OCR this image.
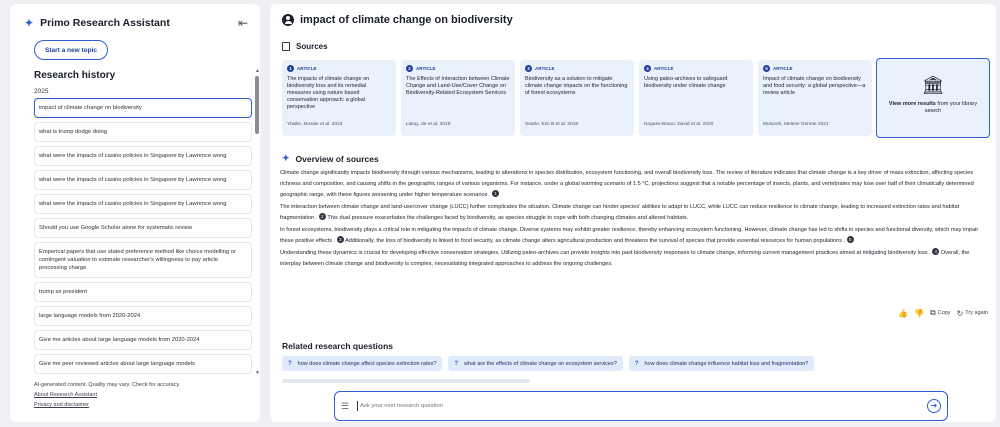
✦ Primo Research Assistant	⇤
Start a new topic
Research history
2025
impact of climate change on biodiversity
what is trump dodge doing
what were the impacts of casino policies in Singapore by Lawrence wong
what were the impacts of casino policies in Singapore by Lawrence wong
what were the impacts of casino policies in Singapore by Lawrence wong
Should you use Google Scholar alone for systematic review
Emperical papers that use stated preference method like choice modelling or contingent valuation to estimate researcher's willingness to pay article processing charge
trump as president
large language models from 2020-2024
Give me articles about large language models from 2020-2024
Give me peer reviewed articles about large language models
▲
▼
AI-generated content. Quality may vary. Check for accuracy.
About Research Assistant
Privacy and disclaimer
impact of climate change on biodiversity
Sources
1	ARTICLE
The impacts of climate change on biodiversity loss and its remedial measures using nature based conservation approach: a global perspective
Ybabe, Mussie et al. 2023
2	ARTICLE
The Effects of Interaction between Climate Change and Land-Use/Cover Change on Biodiversity-Related Ecosystem Services
Liang, Jie et al. 2019
3	ARTICLE
Biodiversity as a solution to mitigate climate change impacts on the functioning of forest ecosystems
Searle, Eric B et al. 2018
4	ARTICLE
Using paleo-archives to safeguard biodiversity under climate change
Nogues-Bravo, David et al. 2020
5	ARTICLE
Impact of climate change on biodiversity and food security: a global perspective—a review article
Muluneh, Melese Genete 2021
🏛
View more results from your library search
✦ Overview of sources

Climate change significantly impacts biodiversity through various mechanisms, leading to alterations in species distribution, ecosystem functioning, and overall biodiversity loss. The review of literature indicates that climate change is a key driver of mass extinction, affecting species richness and composition, and causing shifts in the geographic ranges of various organisms. For instance, under a global warming scenario of 1.5 °C, projections suggest that a notable percentage of insects, plants, and vertebrates may lose over half of their climatically determined geographic range, with these figures worsening under higher temperature scenarios . 1

The interaction between climate change and land-use/cover change (LUCC) further complicates the situation. Climate change can hinder species' abilities to adapt to LUCC, while LUCC can reduce resilience to climate change, leading to increased extinction rates and habitat fragmentation . 2 This dual pressure exacerbates the challenges faced by biodiversity, as species struggle to cope with both changing climates and altered habitats.

In forest ecosystems, biodiversity plays a critical role in mitigating the impacts of climate change. Diverse systems may exhibit greater resilience, thereby enhancing ecosystem functioning. However, climate change has led to shifts in species and functional diversity, which may impair these positive effects . 3 Additionally, the loss of biodiversity is linked to food security, as climate change alters agricultural production and threatens the survival of species that provide essential resources for human populations . 5

Understanding these dynamics is crucial for developing effective conservation strategies. Utilizing paleo-archives can provide insights into past biodiversity responses to climate change, informing current management practices aimed at mitigating biodiversity loss . 4 Overall, the interplay between climate change and biodiversity is complex, necessitating integrated approaches to address the ongoing challenges.

👍 👎 ⧉ Copy ↻ Try again
Related research questions
? how does climate change affect species extinction rates?	? what are the effects of climate change on ecosystem services?	? how does climate change influence habitat loss and fragmentation?
☰
Ask your next research question	➔
